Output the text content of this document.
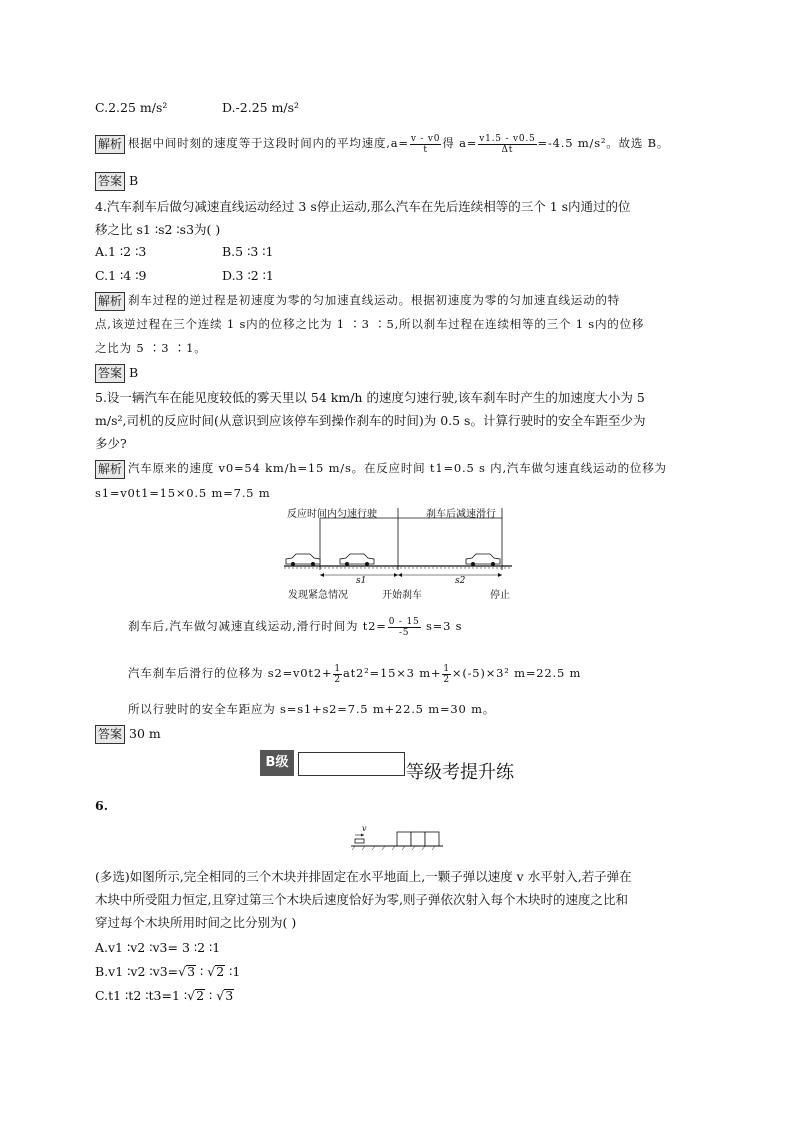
C.2.25 m/s²	D.-2.25 m/s²
解析 根据中间时刻的速度等于这段时间内的平均速度$,a= \frac{v - v0}{t}$ 得 $a= \frac{v1.5 - v0.5}{\Delta t} =-4.5$ m/s²。故选 B。
答案 B
4.汽车刹车后做匀减速直线运动经过 3 s停止运动,那么汽车在先后连续相等的三个 1 s内通过的位
移之比 s1 ∶s2 ∶s3为( )
A.1 ∶2 ∶3	B.5 ∶3 ∶1
C.1 ∶4 ∶9	D.3 ∶2 ∶1
解析 刹车过程的逆过程是初速度为零的匀加速直线运动。根据初速度为零的匀加速直线运动的特
点,该逆过程在三个连续 1 s内的位移之比为 1 ∶3 ∶5,所以刹车过程在连续相等的三个 1 s内的位移
之比为 5 ∶3 ∶1。
答案 B
5.设一辆汽车在能见度较低的雾天里以 54 km/h 的速度匀速行驶,该车刹车时产生的加速度大小为 5
m/s²,司机的反应时间(从意识到应该停车到操作刹车的时间)为 0.5 s。计算行驶时的安全车距至少为
多少?
解析 汽车原来的速度 v0=54 km/h=15 m/s。在反应时间 t1=0.5 s 内,汽车做匀速直线运动的位移为
s1=v0t1=15×0.5 m=7.5 m
反应时间内匀速行驶	刹车后减速滑行
s1	s2
发现紧急情况	开始刹车	停止
刹车后,汽车做匀减速直线运动,滑行时间为 $t2= \frac{0 - 15}{-5} s=3$ s
汽车刹车后滑行的位移为 $s2=v0t2+ \frac{1}{2} at2^2=15\times 3$ $m+ \frac{1}{2} \times(-5)\times 3^2$ m=22.5 m
所以行驶时的安全车距应为 s=s1+s2=7.5 m+22.5 m=30 m。
答案 30 m
B级	等级考提升练
6.
v
(多选)如图所示,完全相同的三个木块并排固定在水平地面上,一颗子弹以速度 v 水平射入,若子弹在
木块中所受阻力恒定,且穿过第三个木块后速度恰好为零,则子弹依次射入每个木块时的速度之比和
穿过每个木块所用时间之比分别为( )
A.v1 ∶v2 ∶v3= 3 ∶2 ∶1
B.v1 ∶v2 ∶v3=√3 ∶ √2 ∶1
C.t1 ∶t2 ∶t3=1 ∶√2 ∶ √3
